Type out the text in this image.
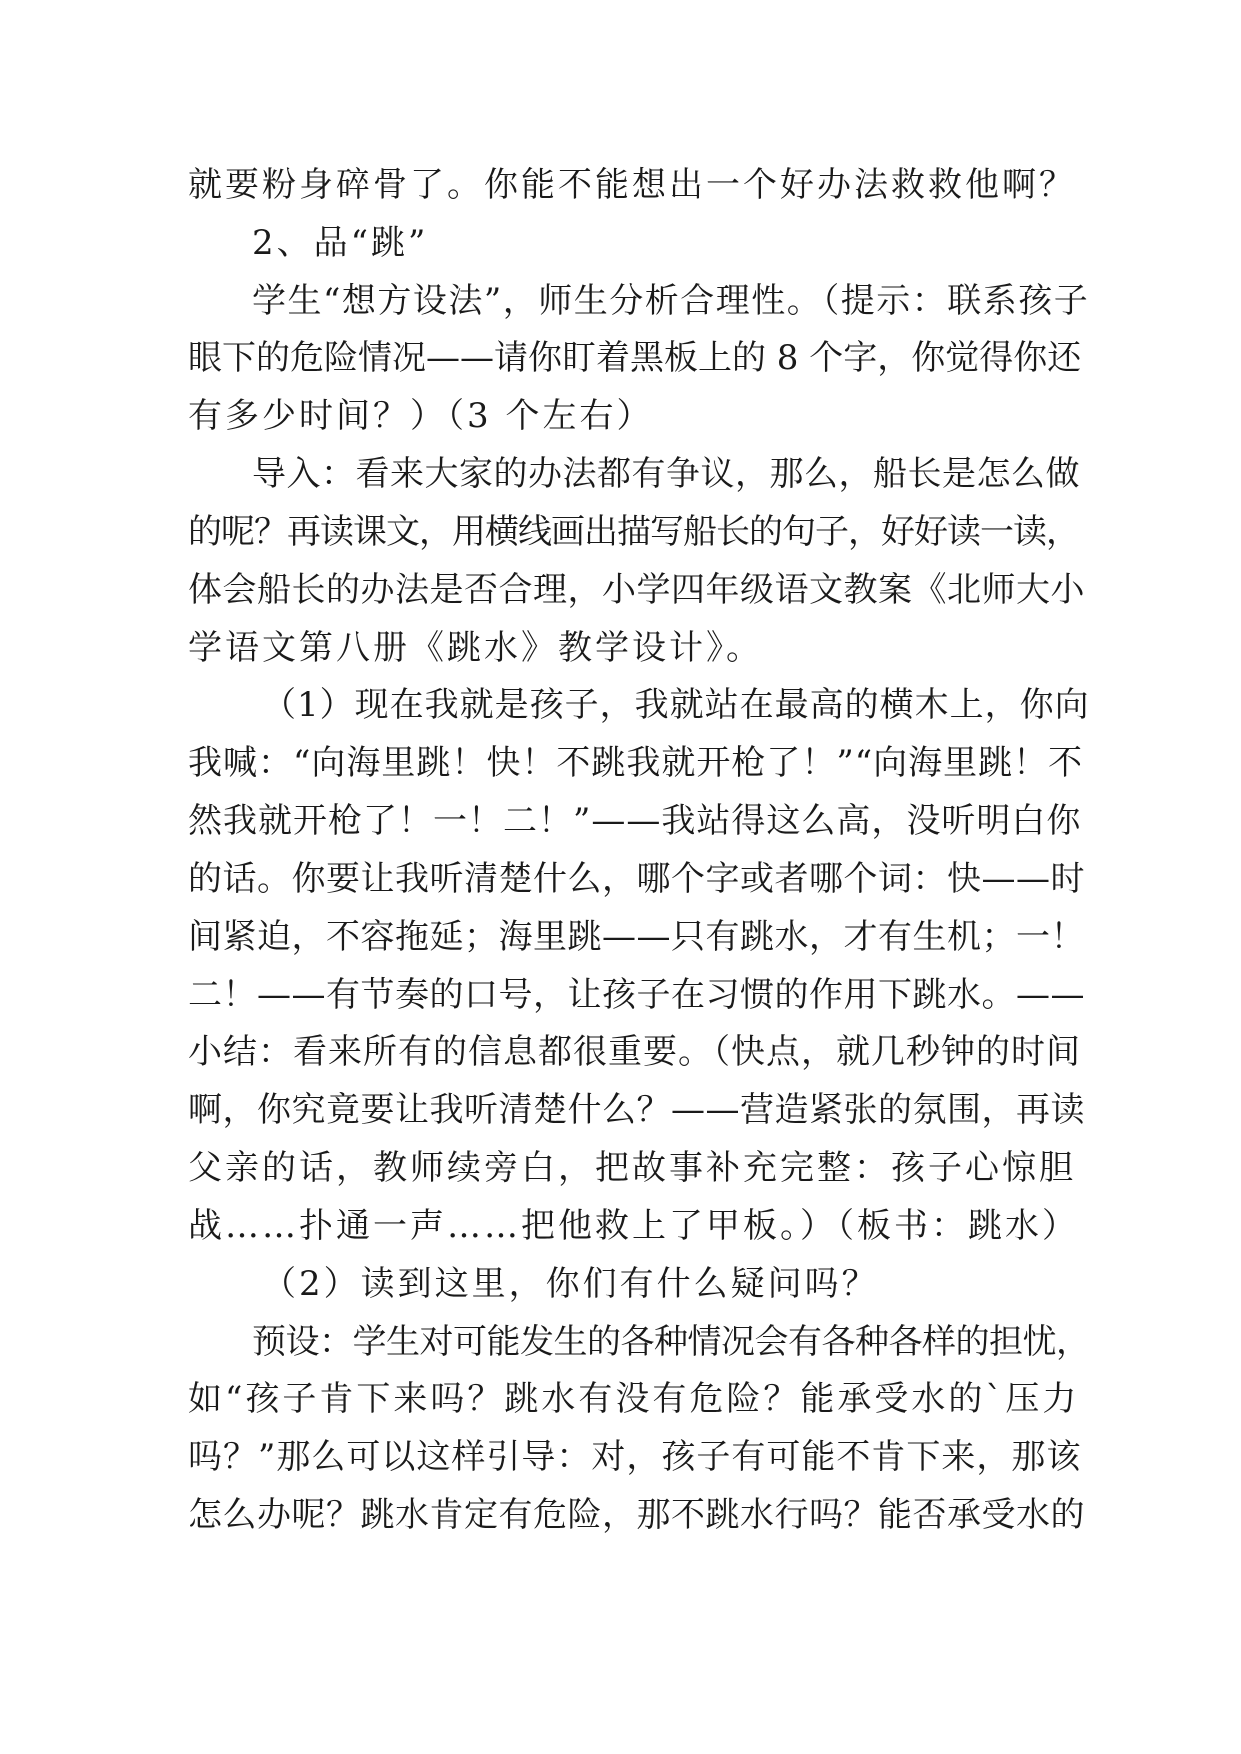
就要粉身碎骨了。你能不能想出一个好办法救救他啊？
2、品“跳”
学生“想方设法”，师生分析合理性。（提示：联系孩子
眼下的危险情况——请你盯着黑板上的 8 个字，你觉得你还
有多少时间？）（3 个左右）
导入：看来大家的办法都有争议，那么，船长是怎么做
的呢？再读课文，用横线画出描写船长的句子，好好读一读，
体会船长的办法是否合理，小学四年级语文教案《北师大小
学语文第八册《跳水》教学设计》。
（1）现在我就是孩子，我就站在最高的横木上，你向
我喊：“向海里跳！快！不跳我就开枪了！”“向海里跳！不
然我就开枪了！一！二！”——我站得这么高，没听明白你
的话。你要让我听清楚什么，哪个字或者哪个词：快——时
间紧迫，不容拖延；海里跳——只有跳水，才有生机；一！
二！——有节奏的口号，让孩子在习惯的作用下跳水。——
小结：看来所有的信息都很重要。（快点，就几秒钟的时间
啊，你究竟要让我听清楚什么？——营造紧张的氛围，再读
父亲的话，教师续旁白，把故事补充完整：孩子心惊胆
战……扑通一声……把他救上了甲板。）（板书：跳水）
（2）读到这里，你们有什么疑问吗？
预设：学生对可能发生的各种情况会有各种各样的担忧，
如“孩子肯下来吗？跳水有没有危险？能承受水的`压力
吗？”那么可以这样引导：对，孩子有可能不肯下来，那该
怎么办呢？跳水肯定有危险，那不跳水行吗？能否承受水的
